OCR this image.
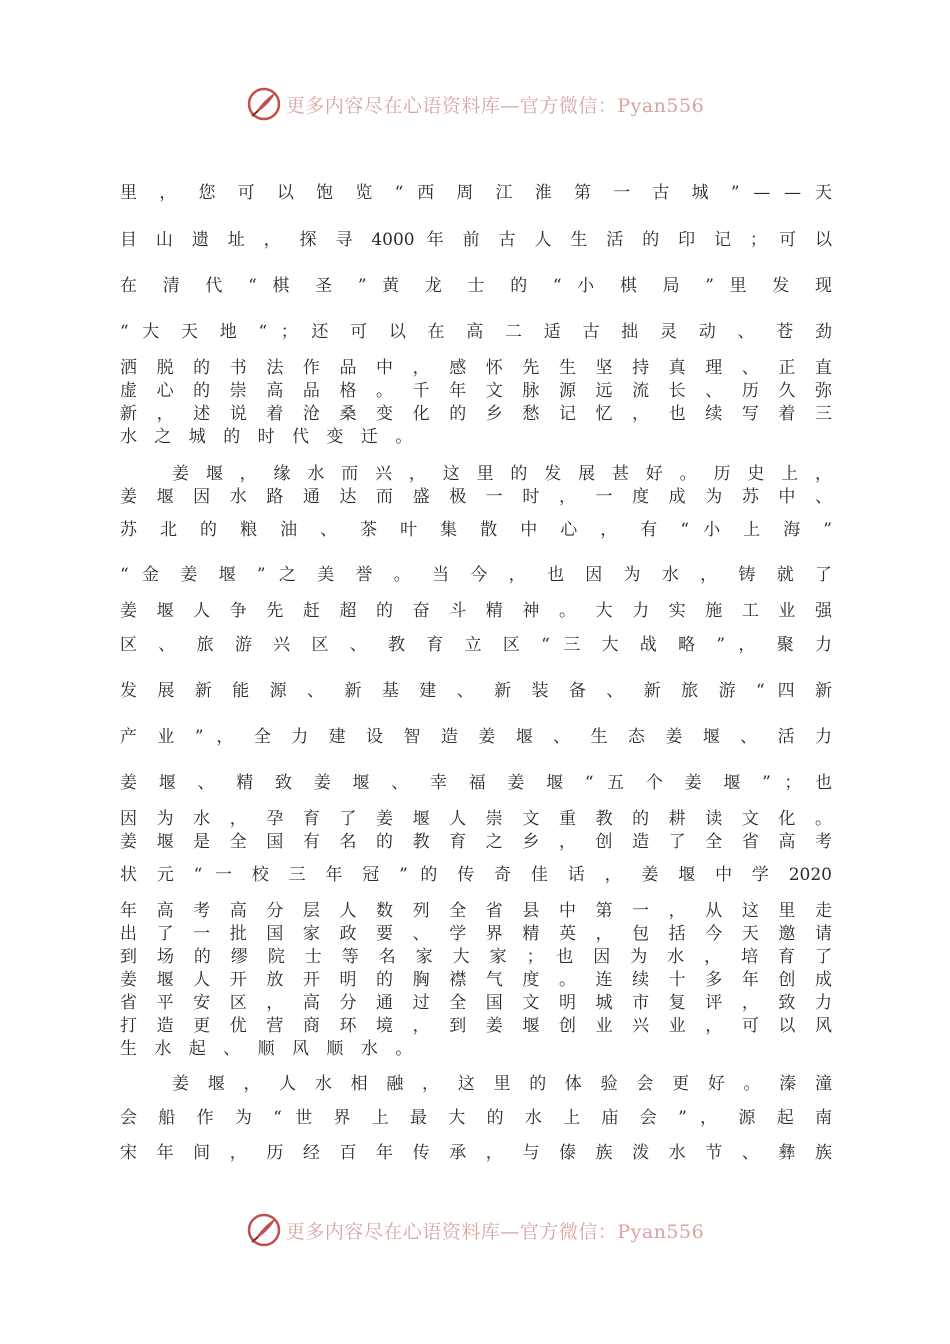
更多内容尽在心语资料库—官方微信：Pyan556
里 ， 您 可 以 饱 览 “ 西 周 江 淮 第 一 古 城 ” — — 天
目 山 遗 址 ， 探 寻 4000 年 前 古 人 生 活 的 印 记 ； 可 以
在 清 代 “ 棋 圣 ” 黄 龙 士 的 “ 小 棋 局 ” 里 发 现
“ 大 天 地 “ ； 还 可 以 在 高 二 适 古 拙 灵 动 、 苍 劲
洒 脱 的 书 法 作 品 中 ， 感 怀 先 生 坚 持 真 理 、 正 直
虚 心 的 崇 高 品 格 。 千 年 文 脉 源 远 流 长 、 历 久 弥
新 ， 述 说 着 沧 桑 变 化 的 乡 愁 记 忆 ， 也 续 写 着 三
水 之 城 的 时 代 变 迁 。
姜 堰 ， 缘 水 而 兴 ， 这 里 的 发 展 甚 好 。 历 史 上 ，
姜 堰 因 水 路 通 达 而 盛 极 一 时 ， 一 度 成 为 苏 中 、
苏 北 的 粮 油 、 茶 叶 集 散 中 心 ， 有 “ 小 上 海 ”
“ 金 姜 堰 ” 之 美 誉 。 当 今 ， 也 因 为 水 ， 铸 就 了
姜 堰 人 争 先 赶 超 的 奋 斗 精 神 。 大 力 实 施 工 业 强
区 、 旅 游 兴 区 、 教 育 立 区 “ 三 大 战 略 ” ， 聚 力
发 展 新 能 源 、 新 基 建 、 新 装 备 、 新 旅 游 “ 四 新
产 业 ” ， 全 力 建 设 智 造 姜 堰 、 生 态 姜 堰 、 活 力
姜 堰 、 精 致 姜 堰 、 幸 福 姜 堰 “ 五 个 姜 堰 ” ； 也
因 为 水 ， 孕 育 了 姜 堰 人 崇 文 重 教 的 耕 读 文 化 。
姜 堰 是 全 国 有 名 的 教 育 之 乡 ， 创 造 了 全 省 高 考
状 元 “ 一 校 三 年 冠 ” 的 传 奇 佳 话 ， 姜 堰 中 学 2020
年 高 考 高 分 层 人 数 列 全 省 县 中 第 一 ， 从 这 里 走
出 了 一 批 国 家 政 要 、 学 界 精 英 ， 包 括 今 天 邀 请
到 场 的 缪 院 士 等 名 家 大 家 ； 也 因 为 水 ， 培 育 了
姜 堰 人 开 放 开 明 的 胸 襟 气 度 。 连 续 十 多 年 创 成
省 平 安 区 ， 高 分 通 过 全 国 文 明 城 市 复 评 ， 致 力
打 造 更 优 营 商 环 境 ， 到 姜 堰 创 业 兴 业 ， 可 以 风
生 水 起 、 顺 风 顺 水 。
姜 堰 ， 人 水 相 融 ， 这 里 的 体 验 会 更 好 。 溱 潼
会 船 作 为 “ 世 界 上 最 大 的 水 上 庙 会 ” ， 源 起 南
宋 年 间 ， 历 经 百 年 传 承 ， 与 傣 族 泼 水 节 、 彝 族
更多内容尽在心语资料库—官方微信：Pyan556
